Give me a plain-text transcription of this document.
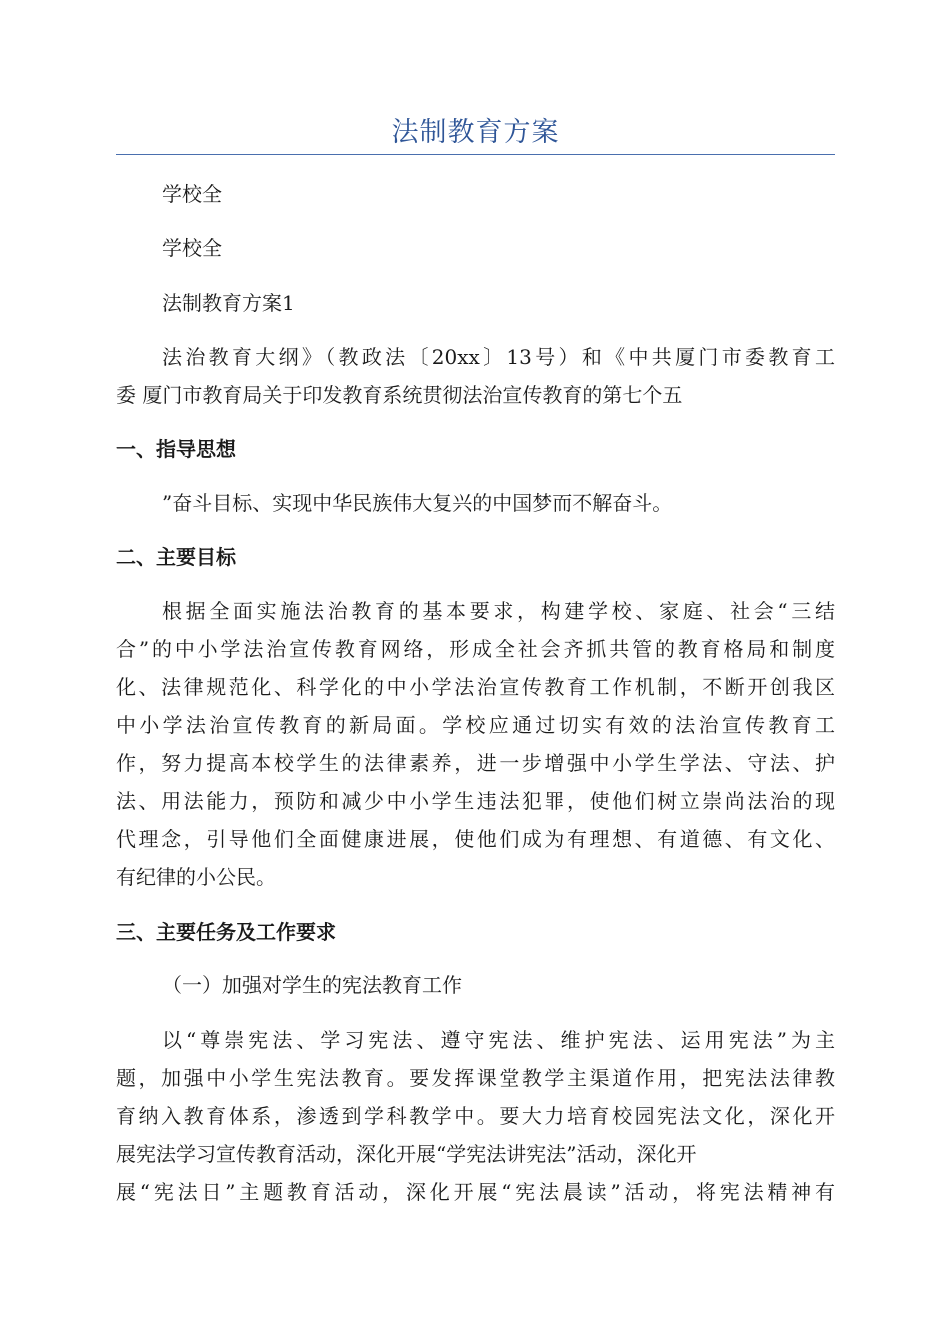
法制教育方案
学校全
学校全
法制教育方案1
法治教育大纲》（教政法〔20xx〕13号）和《中共厦门市委教育工
委 厦门市教育局关于印发教育系统贯彻法治宣传教育的第七个五
一、指导思想
”奋斗目标、实现中华民族伟大复兴的中国梦而不解奋斗。
二、主要目标
根据全面实施法治教育的基本要求，构建学校、家庭、社会“三结
合”的中小学法治宣传教育网络，形成全社会齐抓共管的教育格局和制度
化、法律规范化、科学化的中小学法治宣传教育工作机制，不断开创我区
中小学法治宣传教育的新局面。学校应通过切实有效的法治宣传教育工
作，努力提高本校学生的法律素养，进一步增强中小学生学法、守法、护
法、用法能力，预防和减少中小学生违法犯罪，使他们树立崇尚法治的现
代理念，引导他们全面健康进展，使他们成为有理想、有道德、有文化、
有纪律的小公民。
三、主要任务及工作要求
（一）加强对学生的宪法教育工作
以“尊崇宪法、学习宪法、遵守宪法、维护宪法、运用宪法”为主
题，加强中小学生宪法教育。要发挥课堂教学主渠道作用，把宪法法律教
育纳入教育体系，渗透到学科教学中。要大力培育校园宪法文化，深化开
展宪法学习宣传教育活动，深化开展“学宪法讲宪法”活动，深化开
展“宪法日”主题教育活动，深化开展“宪法晨读”活动，将宪法精神有
